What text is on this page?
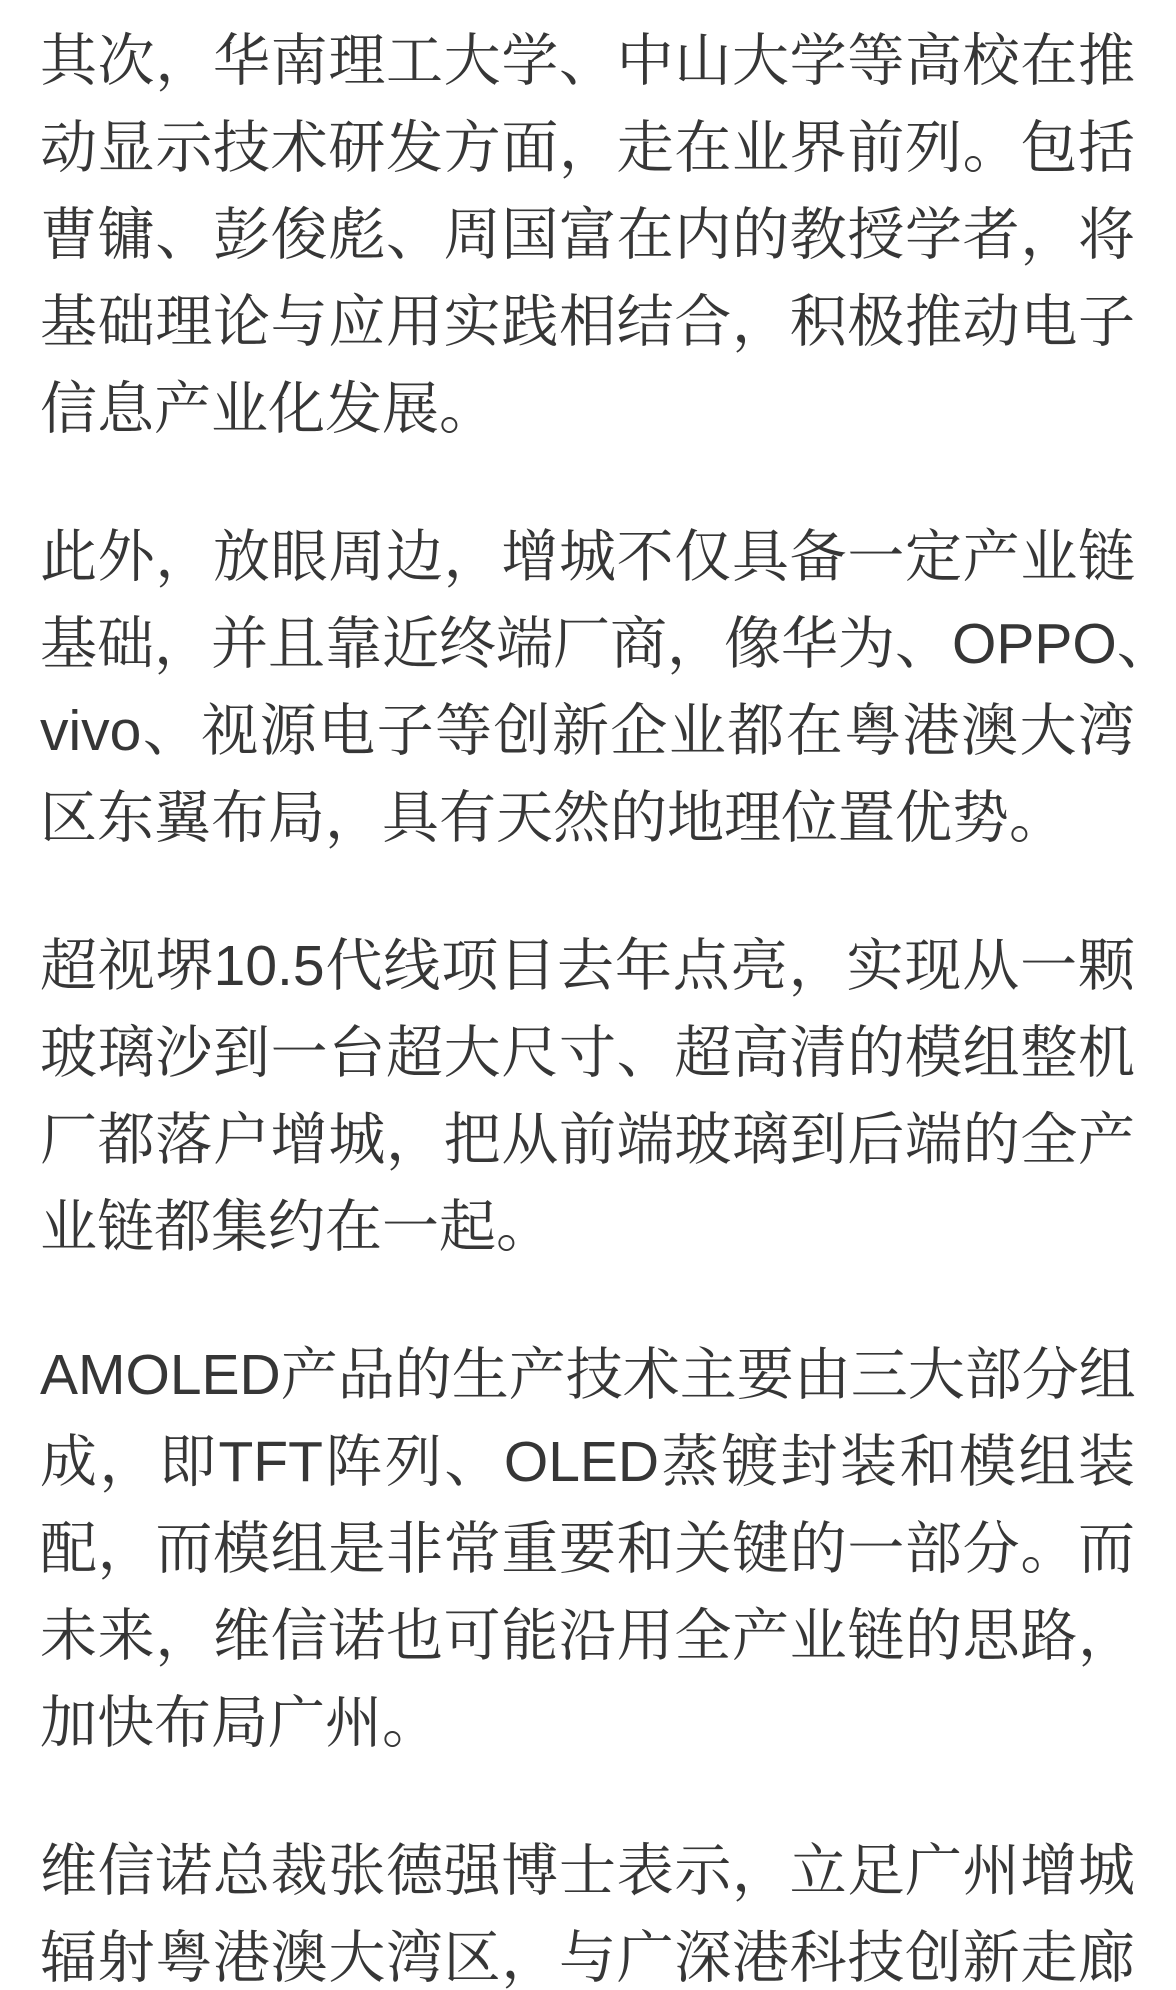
其次，华南理工大学、中山大学等高校在推
动显示技术研发方面，走在业界前列。包括
曹镛、彭俊彪、周国富在内的教授学者，将
基础理论与应用实践相结合，积极推动电子
信息产业化发展。

此外，放眼周边，增城不仅具备一定产业链
基础，并且靠近终端厂商，像华为、OPPO、
vivo、视源电子等创新企业都在粤港澳大湾
区东翼布局，具有天然的地理位置优势。

超视堺10.5代线项目去年点亮，实现从一颗
玻璃沙到一台超大尺寸、超高清的模组整机
厂都落户增城，把从前端玻璃到后端的全产
业链都集约在一起。

AMOLED产品的生产技术主要由三大部分组
成，即TFT阵列、OLED蒸镀封装和模组装
配，而模组是非常重要和关键的一部分。而
未来，维信诺也可能沿用全产业链的思路，
加快布局广州。

维信诺总裁张德强博士表示，立足广州增城
辐射粤港澳大湾区，与广深港科技创新走廊
